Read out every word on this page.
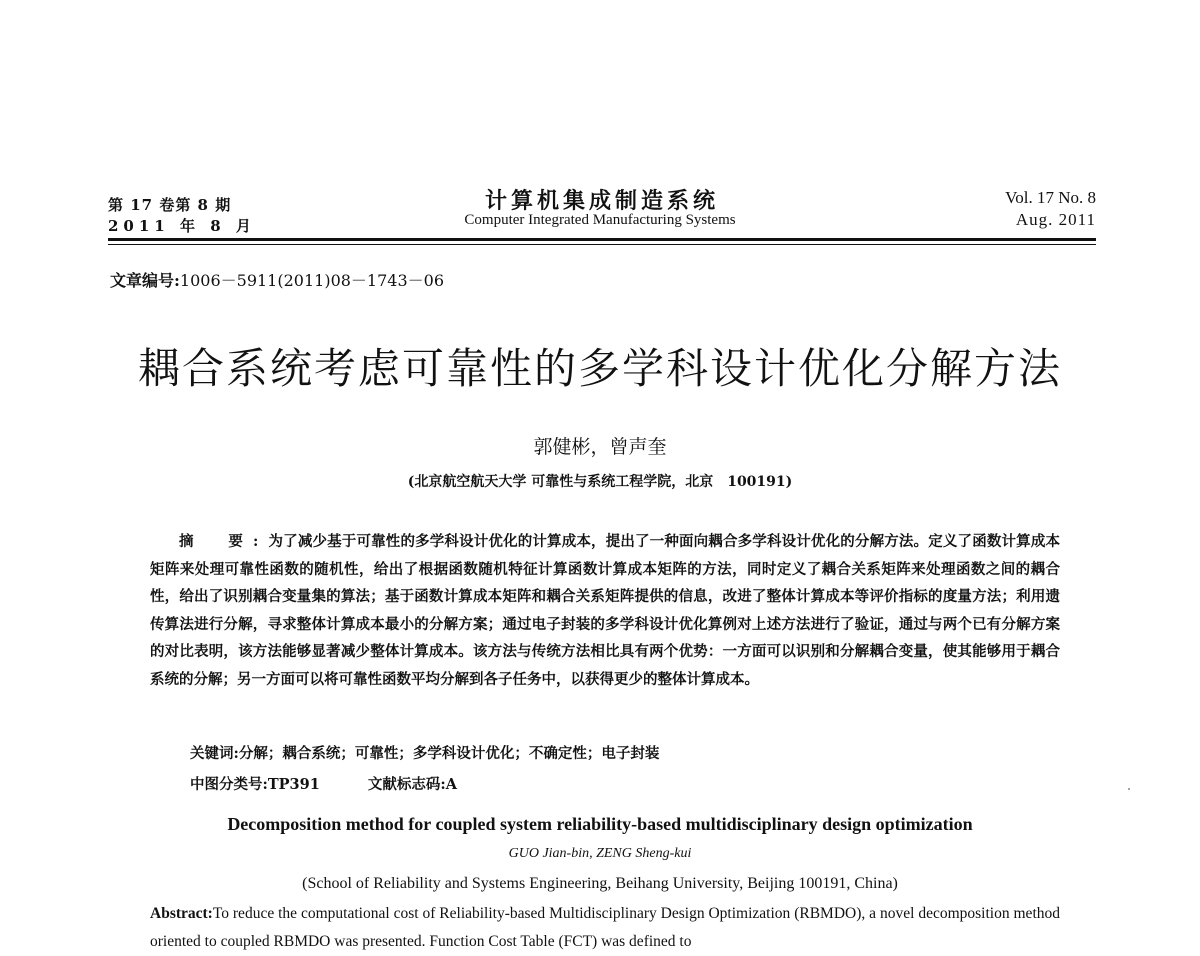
第 17 卷第 8 期
2011 年 8 月
计算机集成制造系统
Computer Integrated Manufacturing Systems
Vol. 17 No. 8
Aug. 2011
文章编号:1006－5911(2011)08－1743－06
耦合系统考虑可靠性的多学科设计优化分解方法
郭健彬，曾声奎
(北京航空航天大学 可靠性与系统工程学院，北京　100191)
摘　要:为了减少基于可靠性的多学科设计优化的计算成本，提出了一种面向耦合多学科设计优化的分解方法。定义了函数计算成本矩阵来处理可靠性函数的随机性，给出了根据函数随机特征计算函数计算成本矩阵的方法，同时定义了耦合关系矩阵来处理函数之间的耦合性，给出了识别耦合变量集的算法；基于函数计算成本矩阵和耦合关系矩阵提供的信息，改进了整体计算成本等评价指标的度量方法；利用遗传算法进行分解，寻求整体计算成本最小的分解方案；通过电子封装的多学科设计优化算例对上述方法进行了验证，通过与两个已有分解方案的对比表明，该方法能够显著减少整体计算成本。该方法与传统方法相比具有两个优势：一方面可以识别和分解耦合变量，使其能够用于耦合系统的分解；另一方面可以将可靠性函数平均分解到各子任务中，以获得更少的整体计算成本。
关键词:分解；耦合系统；可靠性；多学科设计优化；不确定性；电子封装
中图分类号:TP391	文献标志码:A
Decomposition method for coupled system reliability-based multidisciplinary design optimization
GUO Jian-bin, ZENG Sheng-kui
(School of Reliability and Systems Engineering, Beihang University, Beijing 100191, China)
Abstract:To reduce the computational cost of Reliability-based Multidisciplinary Design Optimization (RBMDO), a novel decomposition method oriented to coupled RBMDO was presented. Function Cost Table (FCT) was defined to
